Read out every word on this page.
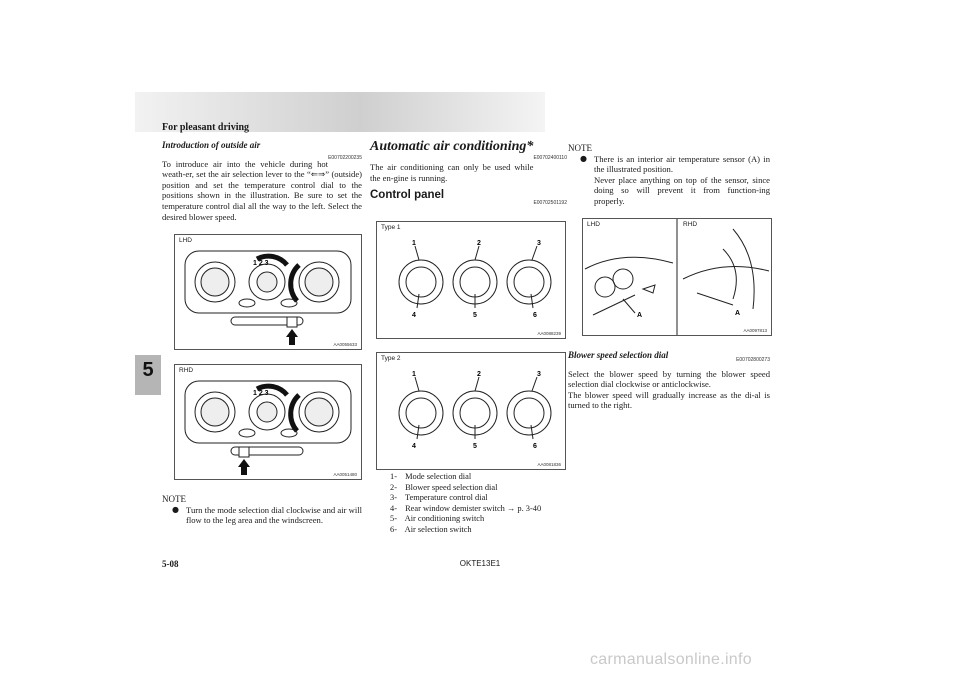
For pleasant driving
5
Introduction of outside air
E00702200235
To introduce air into the vehicle during hot weath-er, set the air selection lever to the “⇐⇒” (outside) position and set the temperature control dial to the positions shown in the illustration. Be sure to set the temperature control dial all the way to the left. Select the desired blower speed.
LHD
1 2 3
AA0055633
RHD
1 2 3
AA0051480
NOTE
● Turn the mode selection dial clockwise and air will flow to the leg area and the windscreen.
Automatic air conditioning*
E00702400110
The air conditioning can only be used while the en-gine is running.
Control panel
E00702501192
Type 1
1	2	3
4	5	6
AA0088239
Type 2
1	2	3
4	5	6
AA0081836
1- Mode selection dial
2- Blower speed selection dial
3- Temperature control dial
4- Rear window demister switch → p. 3-40
5- Air conditioning switch
6- Air selection switch
NOTE
● There is an interior air temperature sensor (A) in the illustrated position.
Never place anything on top of the sensor, since doing so will prevent it from function-ing properly.
LHD	RHD
A	A
AA0097813
Blower speed selection dial	E00702800273
Select the blower speed by turning the blower speed selection dial clockwise or anticlockwise.
The blower speed will gradually increase as the di-al is turned to the right.
5-08	OKTE13E1
carmanualsonline.info
